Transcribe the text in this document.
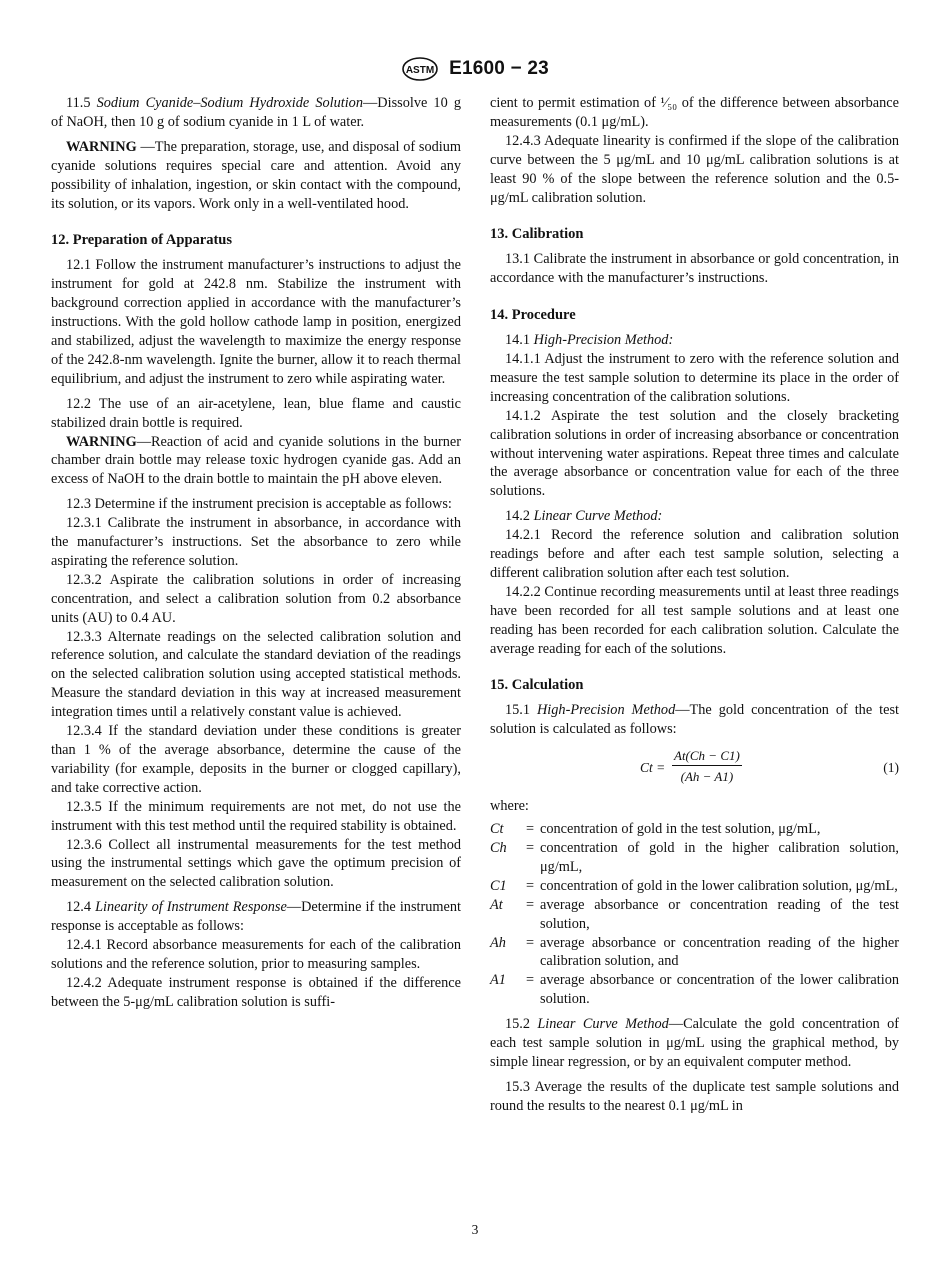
ASTM E1600 − 23

11.5 Sodium Cyanide–Sodium Hydroxide Solution—Dissolve 10 g of NaOH, then 10 g of sodium cyanide in 1 L of water.

WARNING —The preparation, storage, use, and disposal of sodium cyanide solutions requires special care and attention. Avoid any possibility of inhalation, ingestion, or skin contact with the compound, its solution, or its vapors. Work only in a well-ventilated hood.

12. Preparation of Apparatus

12.1 Follow the instrument manufacturer’s instructions to adjust the instrument for gold at 242.8 nm. Stabilize the instrument with background correction applied in accordance with the manufacturer’s instructions. With the gold hollow cathode lamp in position, energized and stabilized, adjust the wavelength to maximize the energy response of the 242.8-nm wavelength. Ignite the burner, allow it to reach thermal equilibrium, and adjust the instrument to zero while aspirating water.

12.2 The use of an air-acetylene, lean, blue flame and caustic stabilized drain bottle is required.

WARNING—Reaction of acid and cyanide solutions in the burner chamber drain bottle may release toxic hydrogen cyanide gas. Add an excess of NaOH to the drain bottle to maintain the pH above eleven.

12.3 Determine if the instrument precision is acceptable as follows:

12.3.1 Calibrate the instrument in absorbance, in accordance with the manufacturer’s instructions. Set the absorbance to zero while aspirating the reference solution.

12.3.2 Aspirate the calibration solutions in order of increasing concentration, and select a calibration solution from 0.2 absorbance units (AU) to 0.4 AU.

12.3.3 Alternate readings on the selected calibration solution and reference solution, and calculate the standard deviation of the readings on the selected calibration solution using accepted statistical methods. Measure the standard deviation in this way at increased measurement integration times until a relatively constant value is achieved.

12.3.4 If the standard deviation under these conditions is greater than 1 % of the average absorbance, determine the cause of the variability (for example, deposits in the burner or clogged capillary), and take corrective action.

12.3.5 If the minimum requirements are not met, do not use the instrument with this test method until the required stability is obtained.

12.3.6 Collect all instrumental measurements for the test method using the instrumental settings which gave the optimum precision of measurement on the selected calibration solution.

12.4 Linearity of Instrument Response—Determine if the instrument response is acceptable as follows:

12.4.1 Record absorbance measurements for each of the calibration solutions and the reference solution, prior to measuring samples.

12.4.2 Adequate instrument response is obtained if the difference between the 5-μg/mL calibration solution is suffi-

cient to permit estimation of ¹⁄₅₀ of the difference between absorbance measurements (0.1 μg/mL).

12.4.3 Adequate linearity is confirmed if the slope of the calibration curve between the 5 μg/mL and 10 μg/mL calibration solutions is at least 90 % of the slope between the reference solution and the 0.5-μg/mL calibration solution.

13. Calibration

13.1 Calibrate the instrument in absorbance or gold concentration, in accordance with the manufacturer’s instructions.

14. Procedure

14.1 High-Precision Method:

14.1.1 Adjust the instrument to zero with the reference solution and measure the test sample solution to determine its place in the order of increasing concentration of the calibration solutions.

14.1.2 Aspirate the test solution and the closely bracketing calibration solutions in order of increasing absorbance or concentration without intervening water aspirations. Repeat three times and calculate the average absorbance or concentration value for each of the three solutions.

14.2 Linear Curve Method:

14.2.1 Record the reference solution and calibration solution readings before and after each test sample solution, selecting a different calibration solution after each test solution.

14.2.2 Continue recording measurements until at least three readings have been recorded for all test sample solutions and at least one reading has been recorded for each calibration solution. Calculate the average reading for each of the solutions.

15. Calculation

15.1 High-Precision Method—The gold concentration of the test solution is calculated as follows:

$Ct = \frac{At(Ch - C1)}{(Ah - A1)}$	(1)

where:

Ct	= concentration of gold in the test solution, μg/mL,
Ch	= concentration of gold in the higher calibration solution, μg/mL,
C1	= concentration of gold in the lower calibration solution, μg/mL,
At	= average absorbance or concentration reading of the test solution,
Ah	= average absorbance or concentration reading of the higher calibration solution, and
A1	= average absorbance or concentration of the lower calibration solution.

15.2 Linear Curve Method—Calculate the gold concentration of each test sample solution in μg/mL using the graphical method, by simple linear regression, or by an equivalent computer method.

15.3 Average the results of the duplicate test sample solutions and round the results to the nearest 0.1 μg/mL in

3
